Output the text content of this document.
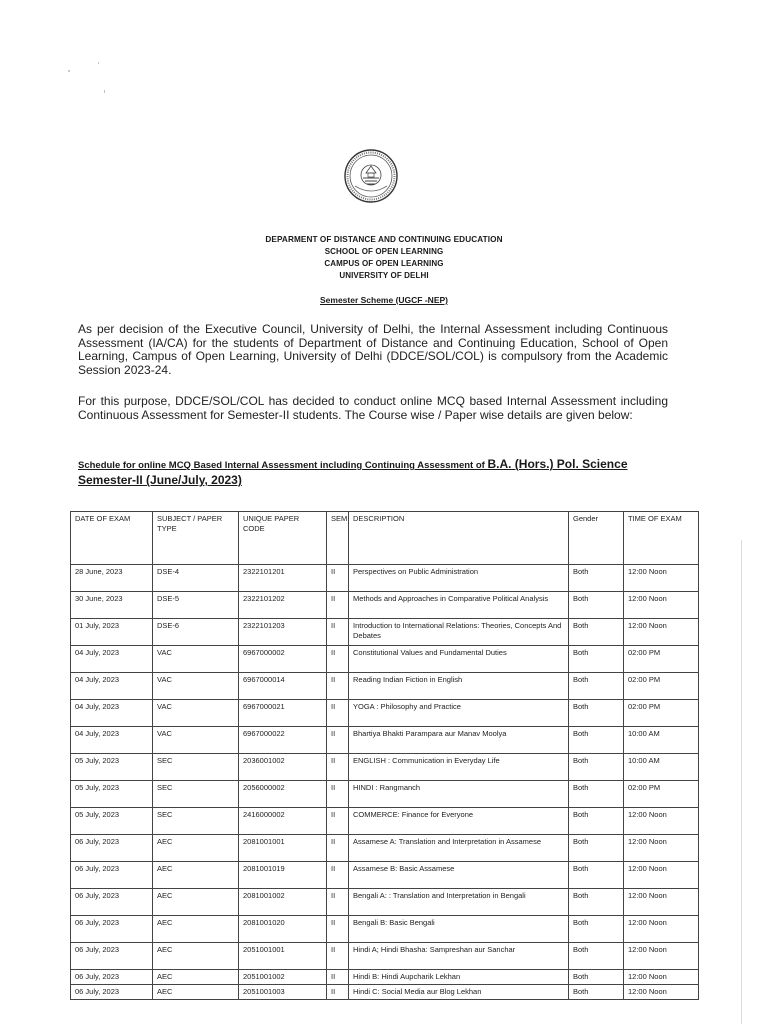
DEPARMENT OF DISTANCE AND CONTINUING EDUCATION
SCHOOL OF OPEN LEARNING
CAMPUS OF OPEN LEARNING
UNIVERSITY OF DELHI
Semester Scheme (UGCF -NEP)
As per decision of the Executive Council, University of Delhi, the Internal Assessment including Continuous Assessment (IA/CA) for the students of Department of Distance and Continuing Education, School of Open Learning, Campus of Open Learning, University of Delhi (DDCE/SOL/COL) is compulsory from the Academic Session 2023-24.
For this purpose, DDCE/SOL/COL has decided to conduct online MCQ based Internal Assessment including Continuous Assessment for Semester-II students. The Course wise / Paper wise details are given below:
Schedule for online MCQ Based Internal Assessment including Continuing Assessment of B.A. (Hors.) Pol. Science
Semester-II (June/July, 2023)
DATE OF EXAM	SUBJECT / PAPER TYPE	UNIQUE PAPER CODE	SEM	DESCRIPTION	Gender	TIME OF EXAM
28 June, 2023	DSE-4	2322101201	II	Perspectives on Public Administration	Both	12:00 Noon
30 June, 2023	DSE-5	2322101202	II	Methods and Approaches in Comparative Political Analysis	Both	12:00 Noon
01 July, 2023	DSE-6	2322101203	II	Introduction to International Relations: Theories, Concepts And Debates	Both	12:00 Noon
04 July, 2023	VAC	6967000002	II	Constitutional Values and Fundamental Duties	Both	02:00 PM
04 July, 2023	VAC	6967000014	II	Reading Indian Fiction in English	Both	02:00 PM
04 July, 2023	VAC	6967000021	II	YOGA : Philosophy and Practice	Both	02:00 PM
04 July, 2023	VAC	6967000022	II	Bhartiya Bhakti Parampara aur Manav Moolya	Both	10:00 AM
05 July, 2023	SEC	2036001002	II	ENGLISH : Communication in Everyday Life	Both	10:00 AM
05 July, 2023	SEC	2056000002	II	HINDI : Rangmanch	Both	02:00 PM
05 July, 2023	SEC	2416000002	II	COMMERCE: Finance for Everyone	Both	12:00 Noon
06 July, 2023	AEC	2081001001	II	Assamese A: Translation and Interpretation in Assamese	Both	12:00 Noon
06 July, 2023	AEC	2081001019	II	Assamese B: Basic Assamese	Both	12:00 Noon
06 July, 2023	AEC	2081001002	II	Bengali A: : Translation and Interpretation in Bengali	Both	12:00 Noon
06 July, 2023	AEC	2081001020	II	Bengali B: Basic Bengali	Both	12:00 Noon
06 July, 2023	AEC	2051001001	II	Hindi A; Hindi Bhasha: Sampreshan aur Sanchar	Both	12:00 Noon
06 July, 2023	AEC	2051001002	II	Hindi B: Hindi Aupcharik Lekhan	Both	12:00 Noon
06 July, 2023	AEC	2051001003	II	Hindi C: Social Media aur Blog Lekhan	Both	12:00 Noon
